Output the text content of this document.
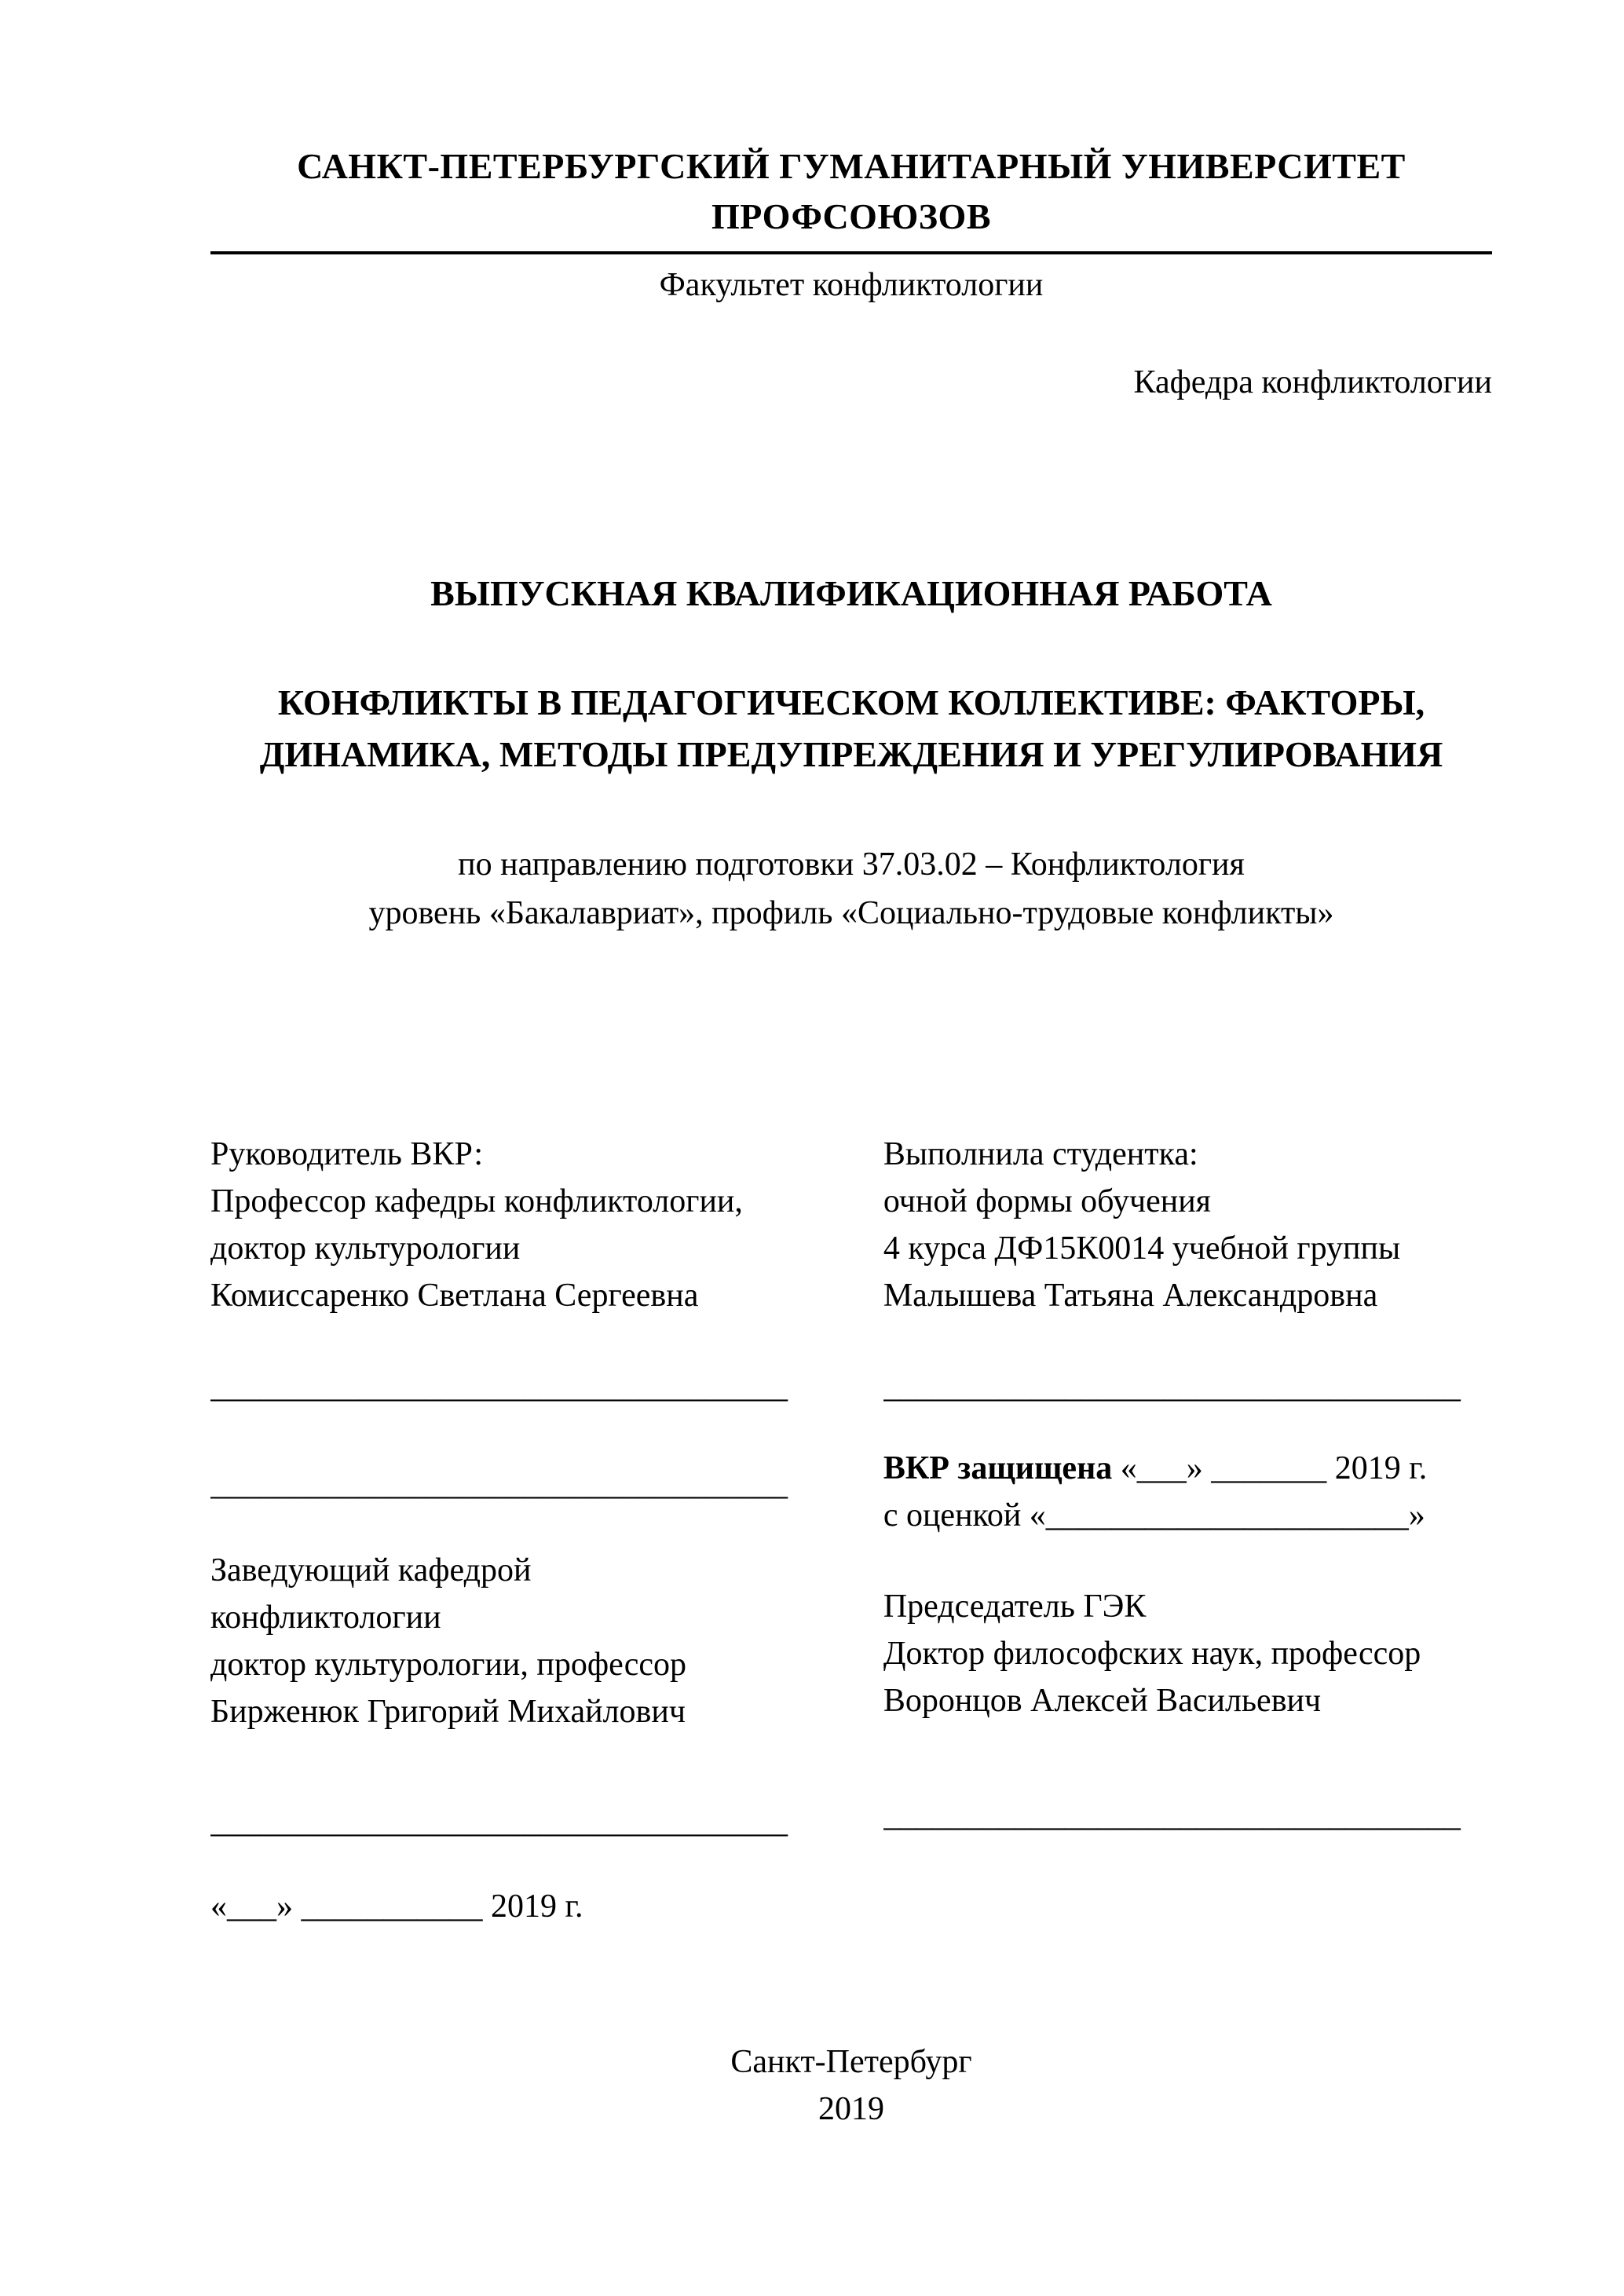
САНКТ-ПЕТЕРБУРГСКИЙ ГУМАНИТАРНЫЙ УНИВЕРСИТЕТ
ПРОФСОЮЗОВ
Факультет конфликтологии
Кафедра конфликтологии
ВЫПУСКНАЯ КВАЛИФИКАЦИОННАЯ РАБОТА
КОНФЛИКТЫ В ПЕДАГОГИЧЕСКОМ КОЛЛЕКТИВЕ: ФАКТОРЫ,
ДИНАМИКА, МЕТОДЫ ПРЕДУПРЕЖДЕНИЯ И УРЕГУЛИРОВАНИЯ
по направлению подготовки 37.03.02 – Конфликтология
уровень «Бакалавриат», профиль «Социально-трудовые конфликты»
Руководитель ВКР:
Профессор кафедры конфликтологии,
доктор культурологии
Комиссаренко Светлана Сергеевна
___________________________________
___________________________________
Заведующий кафедрой
конфликтологии
доктор культурологии, профессор
Бирженюк Григорий Михайлович
___________________________________
«___» ___________ 2019 г.
Выполнила студентка:
очной формы обучения
4 курса ДФ15К0014 учебной группы
Малышева Татьяна Александровна
___________________________________
ВКР защищена «___» _______ 2019 г.
с оценкой «______________________»
Председатель ГЭК
Доктор философских наук, профессор
Воронцов Алексей Васильевич
___________________________________
Санкт-Петербург
2019
